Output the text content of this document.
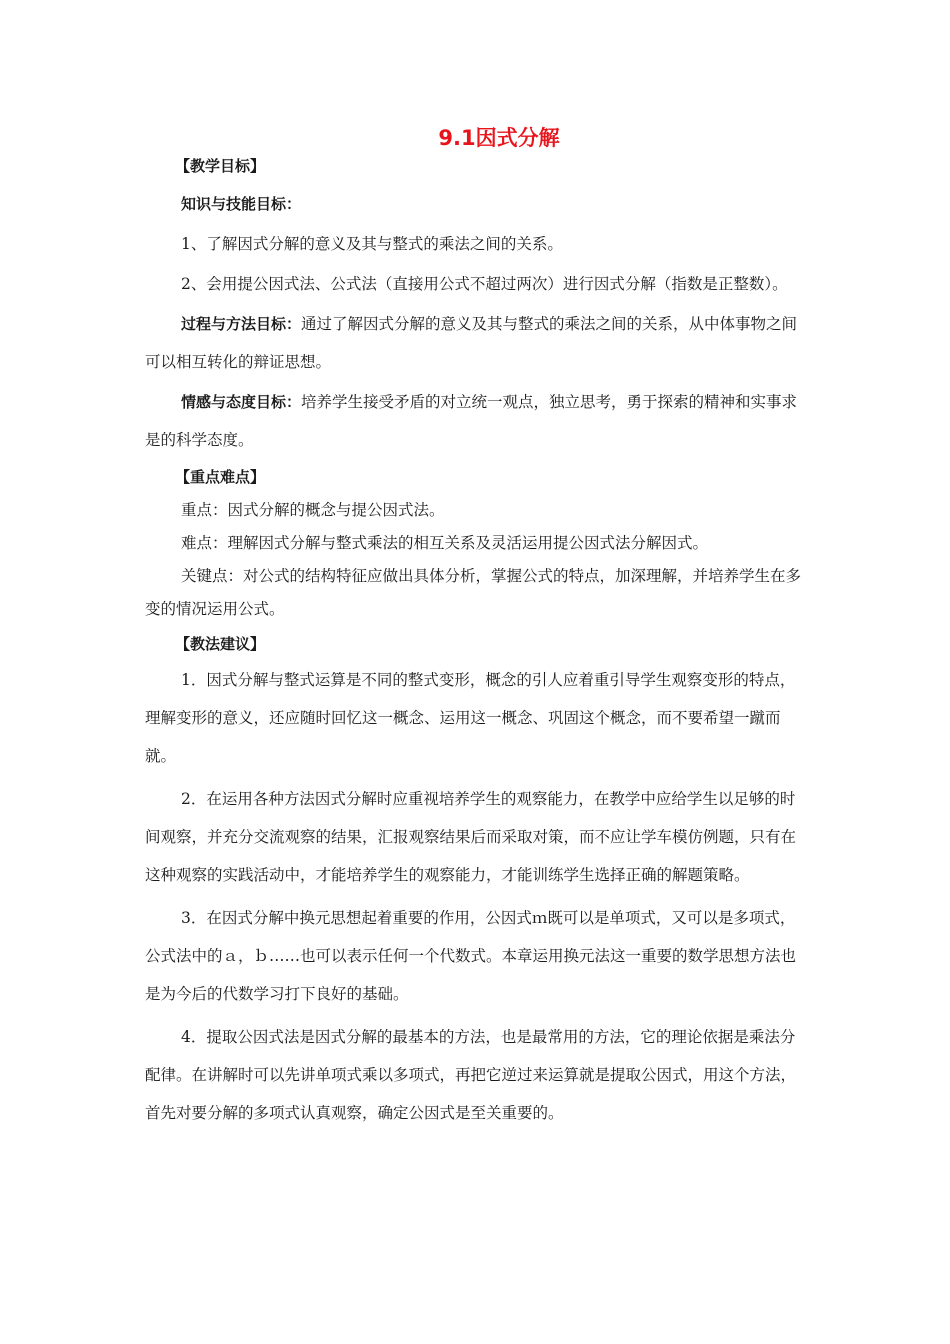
9.1因式分解

【教学目标】

知识与技能目标：

1、了解因式分解的意义及其与整式的乘法之间的关系。

2、会用提公因式法、公式法（直接用公式不超过两次）进行因式分解（指数是正整数）。

过程与方法目标：通过了解因式分解的意义及其与整式的乘法之间的关系，从中体事物之间可以相互转化的辩证思想。

情感与态度目标：培养学生接受矛盾的对立统一观点，独立思考，勇于探索的精神和实事求是的科学态度。

【重点难点】

重点：因式分解的概念与提公因式法。

难点：理解因式分解与整式乘法的相互关系及灵活运用提公因式法分解因式。

关键点：对公式的结构特征应做出具体分析，掌握公式的特点，加深理解，并培养学生在多变的情况运用公式。

【教法建议】

1．因式分解与整式运算是不同的整式变形，概念的引人应着重引导学生观察变形的特点，理解变形的意义，还应随时回忆这一概念、运用这一概念、巩固这个概念，而不要希望一蹴而就。

2．在运用各种方法因式分解时应重视培养学生的观察能力，在教学中应给学生以足够的时间观察，并充分交流观察的结果，汇报观察结果后而采取对策，而不应让学车模仿例题，只有在这种观察的实践活动中，才能培养学生的观察能力，才能训练学生选择正确的解题策略。

3．在因式分解中换元思想起着重要的作用，公因式ｍ既可以是单项式，又可以是多项式，公式法中的ａ，ｂ……也可以表示任何一个代数式。本章运用换元法这一重要的数学思想方法也是为今后的代数学习打下良好的基础。

4．提取公因式法是因式分解的最基本的方法，也是最常用的方法，它的理论依据是乘法分配律。在讲解时可以先讲单项式乘以多项式，再把它逆过来运算就是提取公因式，用这个方法，首先对要分解的多项式认真观察，确定公因式是至关重要的。
